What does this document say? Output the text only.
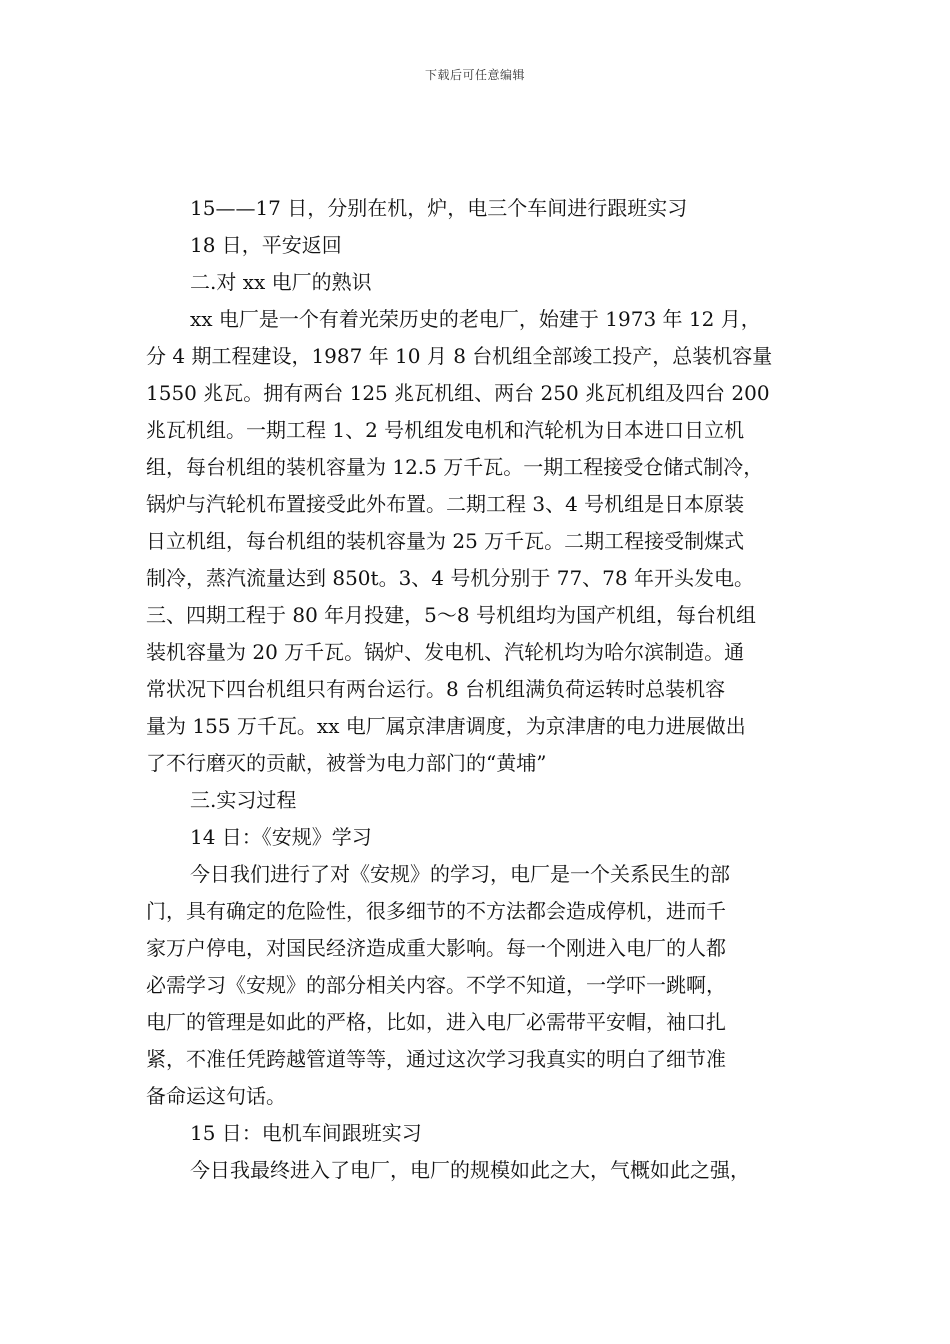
下载后可任意编辑
15——17 日，分别在机，炉，电三个车间进行跟班实习
18 日，平安返回
二.对 xx 电厂的熟识
xx 电厂是一个有着光荣历史的老电厂，始建于 1973 年 12 月，
分 4 期工程建设，1987 年 10 月 8 台机组全部竣工投产，总装机容量
1550 兆瓦。拥有两台 125 兆瓦机组、两台 250 兆瓦机组及四台 200
兆瓦机组。一期工程 1、2 号机组发电机和汽轮机为日本进口日立机
组，每台机组的装机容量为 12.5 万千瓦。一期工程接受仓储式制冷，
锅炉与汽轮机布置接受此外布置。二期工程 3、4 号机组是日本原装
日立机组，每台机组的装机容量为 25 万千瓦。二期工程接受制煤式
制冷，蒸汽流量达到 850t。3、4 号机分别于 77、78 年开头发电。
三、四期工程于 80 年月投建，5～8 号机组均为国产机组，每台机组
装机容量为 20 万千瓦。锅炉、发电机、汽轮机均为哈尔滨制造。通
常状况下四台机组只有两台运行。8 台机组满负荷运转时总装机容
量为 155 万千瓦。xx 电厂属京津唐调度，为京津唐的电力进展做出
了不行磨灭的贡献，被誉为电力部门的“黄埔”
三.实习过程
14 日：《安规》学习
今日我们进行了对《安规》的学习，电厂是一个关系民生的部
门，具有确定的危险性，很多细节的不方法都会造成停机，进而千
家万户停电，对国民经济造成重大影响。每一个刚进入电厂的人都
必需学习《安规》的部分相关内容。不学不知道，一学吓一跳啊，
电厂的管理是如此的严格，比如，进入电厂必需带平安帽，袖口扎
紧，不准任凭跨越管道等等，通过这次学习我真实的明白了细节准
备命运这句话。
15 日：电机车间跟班实习
今日我最终进入了电厂，电厂的规模如此之大，气概如此之强，
